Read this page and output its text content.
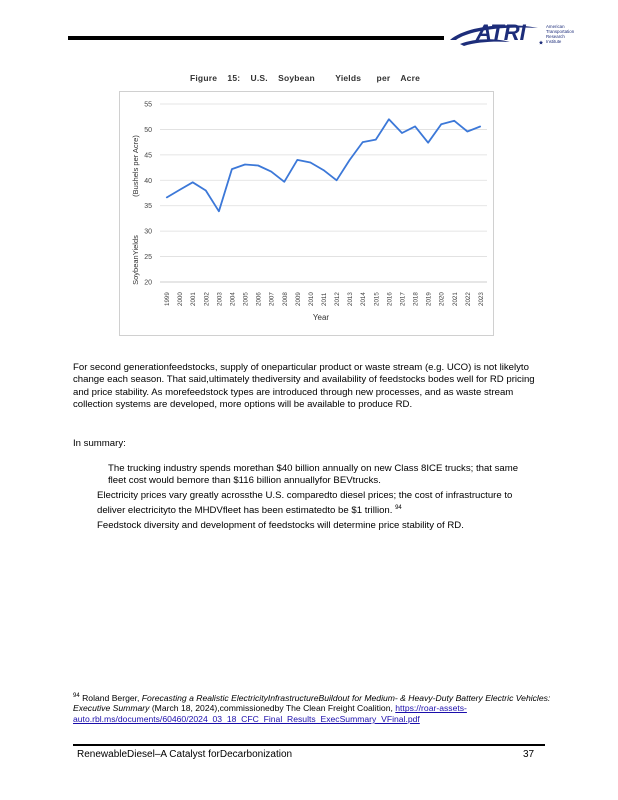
ATRI	American
Transportation
Research
Institute
Figure    15:    U.S.    Soybean        Yields      per    Acre
20
25
30
35
40
45
50
55
1999 2000 2001 2002 2003 2004 2005 2006 2007 2008 2009 2010 2011 2012 2013 2014 2015 2016 2017 2018 2019 2020 2021 2022 2023
SoybeanYields
(Bushels per Acre)
Year
For second generationfeedstocks, supply of oneparticular product or waste stream (e.g. UCO) is not likelyto change each season. That said,ultimately thediversity and availability of feedstocks bodes well for RD pricing and price stability. As morefeedstock types are introduced through new processes, and as waste stream collection systems are developed, more options will be available to produce RD.
In summary:
The trucking industry spends morethan $40 billion annually on new Class 8ICE trucks; that same fleet cost would bemore than $116 billion annuallyfor BEVtrucks.
Electricity prices vary greatly acrossthe U.S. comparedto diesel prices; the cost of infrastructure to deliver electricityto the MHDVfleet has been estimatedto be $1 trillion. $^{94}$
Feedstock diversity and development of feedstocks will determine price stability of RD.
$^{94}$ Roland Berger, Forecasting a Realistic ElectricityInfrastructureBuildout for Medium- & Heavy-Duty Battery Electric Vehicles: Executive Summary (March 18, 2024),commissionedby The Clean Freight Coalition, https://roar-assets-auto.rbl.ms/documents/60460/2024_03_18_CFC_Final_Results_ExecSummary_VFinal.pdf
RenewableDiesel–A Catalyst forDecarbonization	37
